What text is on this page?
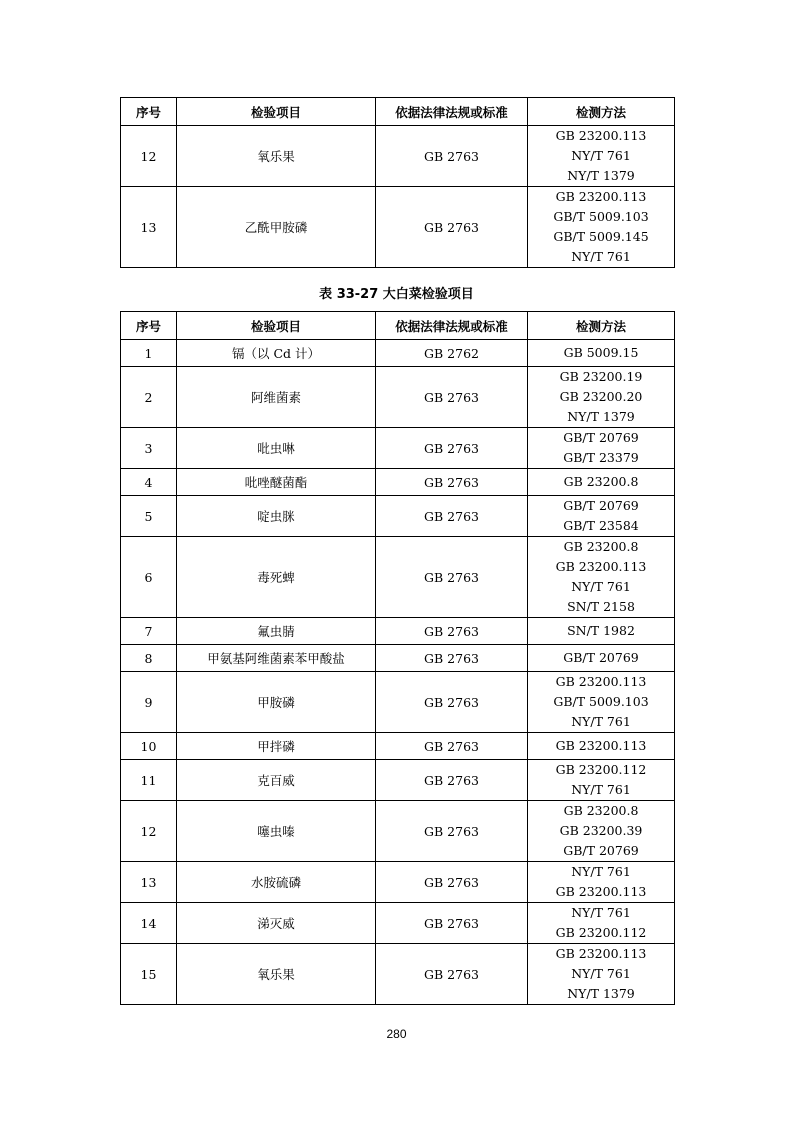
序号	检验项目	依据法律法规或标准	检测方法
12	氧乐果	GB 2763	GB 23200.113
NY/T 761
NY/T 1379

13	乙酰甲胺磷	GB 2763	GB 23200.113
GB/T 5009.103
GB/T 5009.145
NY/T 761
表 33-27 大白菜检验项目
序号	检验项目	依据法律法规或标准	检测方法
1	镉（以 Cd 计）	GB 2762	GB 5009.15

2	阿维菌素	GB 2763	GB 23200.19
GB 23200.20
NY/T 1379

3	吡虫啉	GB 2763	GB/T 20769
GB/T 23379

4	吡唑醚菌酯	GB 2763	GB 23200.8

5	啶虫脒	GB 2763	GB/T 20769
GB/T 23584

6	毒死蜱	GB 2763	GB 23200.8
GB 23200.113
NY/T 761
SN/T 2158

7	氟虫腈	GB 2763	SN/T 1982

8	甲氨基阿维菌素苯甲酸盐	GB 2763	GB/T 20769

9	甲胺磷	GB 2763	GB 23200.113
GB/T 5009.103
NY/T 761

10	甲拌磷	GB 2763	GB 23200.113

11	克百威	GB 2763	GB 23200.112
NY/T 761

12	噻虫嗪	GB 2763	GB 23200.8
GB 23200.39
GB/T 20769

13	水胺硫磷	GB 2763	NY/T 761
GB 23200.113

14	涕灭威	GB 2763	NY/T 761
GB 23200.112

15	氧乐果	GB 2763	GB 23200.113
NY/T 761
NY/T 1379
280
